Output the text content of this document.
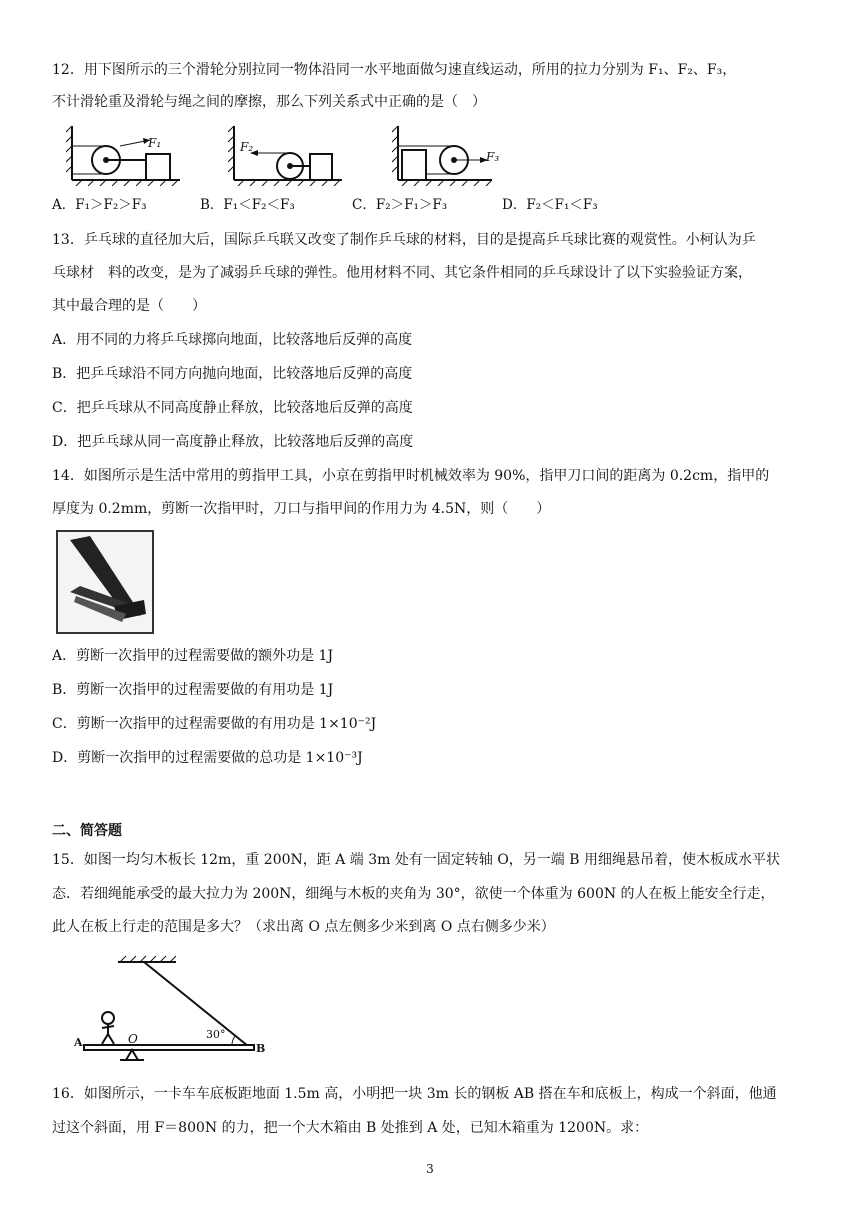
12．用下图所示的三个滑轮分别拉同一物体沿同一水平地面做匀速直线运动，所用的拉力分别为 F₁、F₂、F₃，
不计滑轮重及滑轮与绳之间的摩擦，那么下列关系式中正确的是（　）
F₁	F₂
F₃
A．F₁＞F₂＞F₃	B．F₁＜F₂＜F₃	C．F₂＞F₁＞F₃	D．F₂＜F₁＜F₃
13．乒乓球的直径加大后，国际乒乓联又改变了制作乒乓球的材料，目的是提高乒乓球比赛的观赏性。小柯认为乒
乓球材　料的改变，是为了减弱乒乓球的弹性。他用材料不同、其它条件相同的乒乓球设计了以下实验验证方案，
其中最合理的是（　　）
A．用不同的力将乒乓球掷向地面，比较落地后反弹的高度
B．把乒乓球沿不同方向抛向地面，比较落地后反弹的高度
C．把乒乓球从不同高度静止释放，比较落地后反弹的高度
D．把乒乓球从同一高度静止释放，比较落地后反弹的高度
14．如图所示是生活中常用的剪指甲工具，小京在剪指甲时机械效率为 90%，指甲刀口间的距离为 0.2cm，指甲的
厚度为 0.2mm，剪断一次指甲时，刀口与指甲间的作用力为 4.5N，则（　　）
A．剪断一次指甲的过程需要做的额外功是 1J
B．剪断一次指甲的过程需要做的有用功是 1J
C．剪断一次指甲的过程需要做的有用功是 1×10⁻²J
D．剪断一次指甲的过程需要做的总功是 1×10⁻³J
二、简答题
15．如图一均匀木板长 12m，重 200N，距 A 端 3m 处有一固定转轴 O，另一端 B 用细绳悬吊着，使木板成水平状
态．若细绳能承受的最大拉力为 200N，细绳与木板的夹角为 30°，欲使一个体重为 600N 的人在板上能安全行走，
此人在板上行走的范围是多大？（求出离 O 点左侧多少米到离 O 点右侧多少米）
A	O
B
30°
16．如图所示，一卡车车底板距地面 1.5m 高，小明把一块 3m 长的钢板 AB 搭在车和底板上，构成一个斜面，他通
过这个斜面，用 F＝800N 的力，把一个大木箱由 B 处推到 A 处，已知木箱重为 1200N。求：
3
